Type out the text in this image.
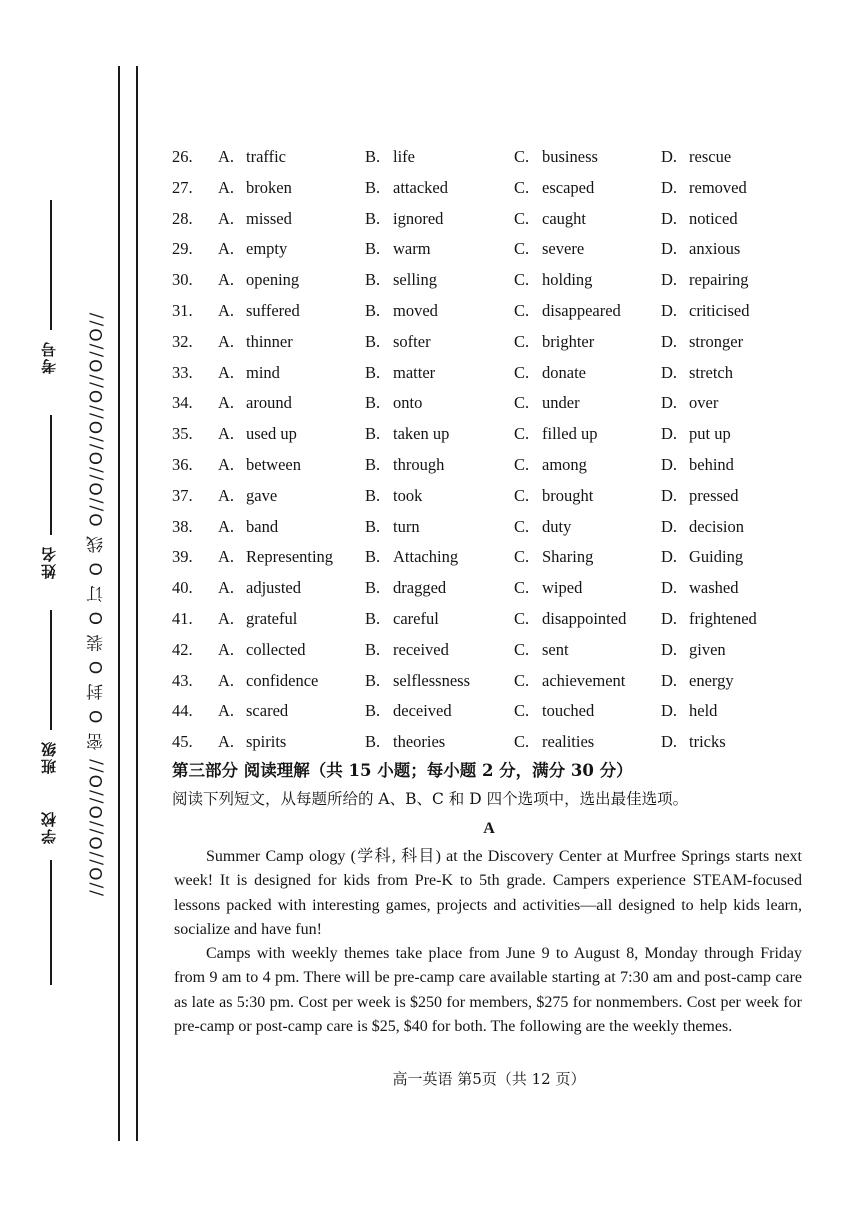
//O//O//O//O// 密 O 封 O 装 O 订 O 线 O//O//O//O//O//O//O//
考号
姓名
班级
学校
26. A. traffic	B. life	C. business	D. rescue
27. A. broken	B. attacked	C. escaped	D. removed
28. A. missed	B. ignored	C. caught	D. noticed
29. A. empty	B. warm	C. severe	D. anxious
30. A. opening	B. selling	C. holding	D. repairing
31. A. suffered	B. moved	C. disappeared D. criticised
32. A. thinner	B. softer	C. brighter	D. stronger
33. A. mind	B. matter	C. donate	D. stretch
34. A. around	B. onto	C. under	D. over
35. A. used up	B. taken up	C. filled up	D. put up
36. A. between	B. through	C. among	D. behind
37. A. gave	B. took	C. brought	D. pressed
38. A. band	B. turn	C. duty	D. decision
39. A. Representing B. Attaching	C. Sharing	D. Guiding
40. A. adjusted	B. dragged	C. wiped	D. washed
41. A. grateful	B. careful	C. disappointed D. frightened
42. A. collected	B. received	C. sent	D. given
43. A. confidence	B. selflessness	C. achievement D. energy
44. A. scared	B. deceived	C. touched	D. held
45. A. spirits	B. theories	C. realities	D. tricks
第三部分 阅读理解（共 15 小题；每小题 2 分，满分 30 分）
阅读下列短文，从每题所给的 A、B、C 和 D 四个选项中，选出最佳选项。
A

Summer Camp ology (学科, 科目) at the Discovery Center at Murfree Springs starts next week! It is designed for kids from Pre-K to 5th grade. Campers experience STEAM-focused lessons packed with interesting games, projects and activities—all designed to help kids learn, socialize and have fun!

Camps with weekly themes take place from June 9 to August 8, Monday through Friday from 9 am to 4 pm. There will be pre-camp care available starting at 7:30 am and post-camp care as late as 5:30 pm. Cost per week is $250 for members, $275 for nonmembers. Cost per week for pre-camp or post-camp care is $25, $40 for both. The following are the weekly themes.

高一英语 第5页（共 12 页）
